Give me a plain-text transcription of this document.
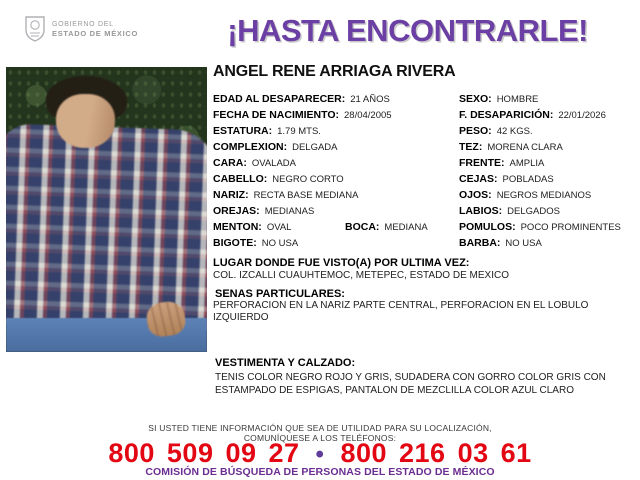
GOBIERNO DEL
ESTADO DE MÉXICO	¡HASTA ENCONTRARLE!
ANGEL RENE ARRIAGA RIVERA
EDAD AL DESAPARECER: 21 AÑOS
FECHA DE NACIMIENTO: 28/04/2005
ESTATURA: 1.79 MTS.
COMPLEXION: DELGADA
CARA: OVALADA
CABELLO: NEGRO CORTO
NARIZ: RECTA BASE MEDIANA
OREJAS: MEDIANAS
MENTON: OVAL
BIGOTE: NO USA
BOCA: MEDIANA
SEXO: HOMBRE
F. DESAPARICIÓN: 22/01/2026
PESO: 42 KGS.
TEZ: MORENA CLARA
FRENTE: AMPLIA
CEJAS: POBLADAS
OJOS: NEGROS MEDIANOS
LABIOS: DELGADOS
POMULOS: POCO PROMINENTES
BARBA: NO USA
LUGAR DONDE FUE VISTO(A) POR ULTIMA VEZ:
COL. IZCALLI CUAUHTEMOC, METEPEC, ESTADO DE MEXICO
SENAS PARTICULARES:
PERFORACION EN LA NARIZ PARTE CENTRAL, PERFORACION EN EL LOBULO IZQUIERDO
VESTIMENTA Y CALZADO:
TENIS COLOR NEGRO ROJO Y GRIS, SUDADERA CON GORRO COLOR GRIS CON ESTAMPADO DE ESPIGAS, PANTALON DE MEZCLILLA COLOR AZUL CLARO
SI USTED TIENE INFORMACIÓN QUE SEA DE UTILIDAD PARA SU LOCALIZACIÓN,
COMUNÍQUESE A LOS TELÉFONOS:
800 509 09 27 • 800 216 03 61
COMISIÓN DE BÚSQUEDA DE PERSONAS DEL ESTADO DE MÉXICO
